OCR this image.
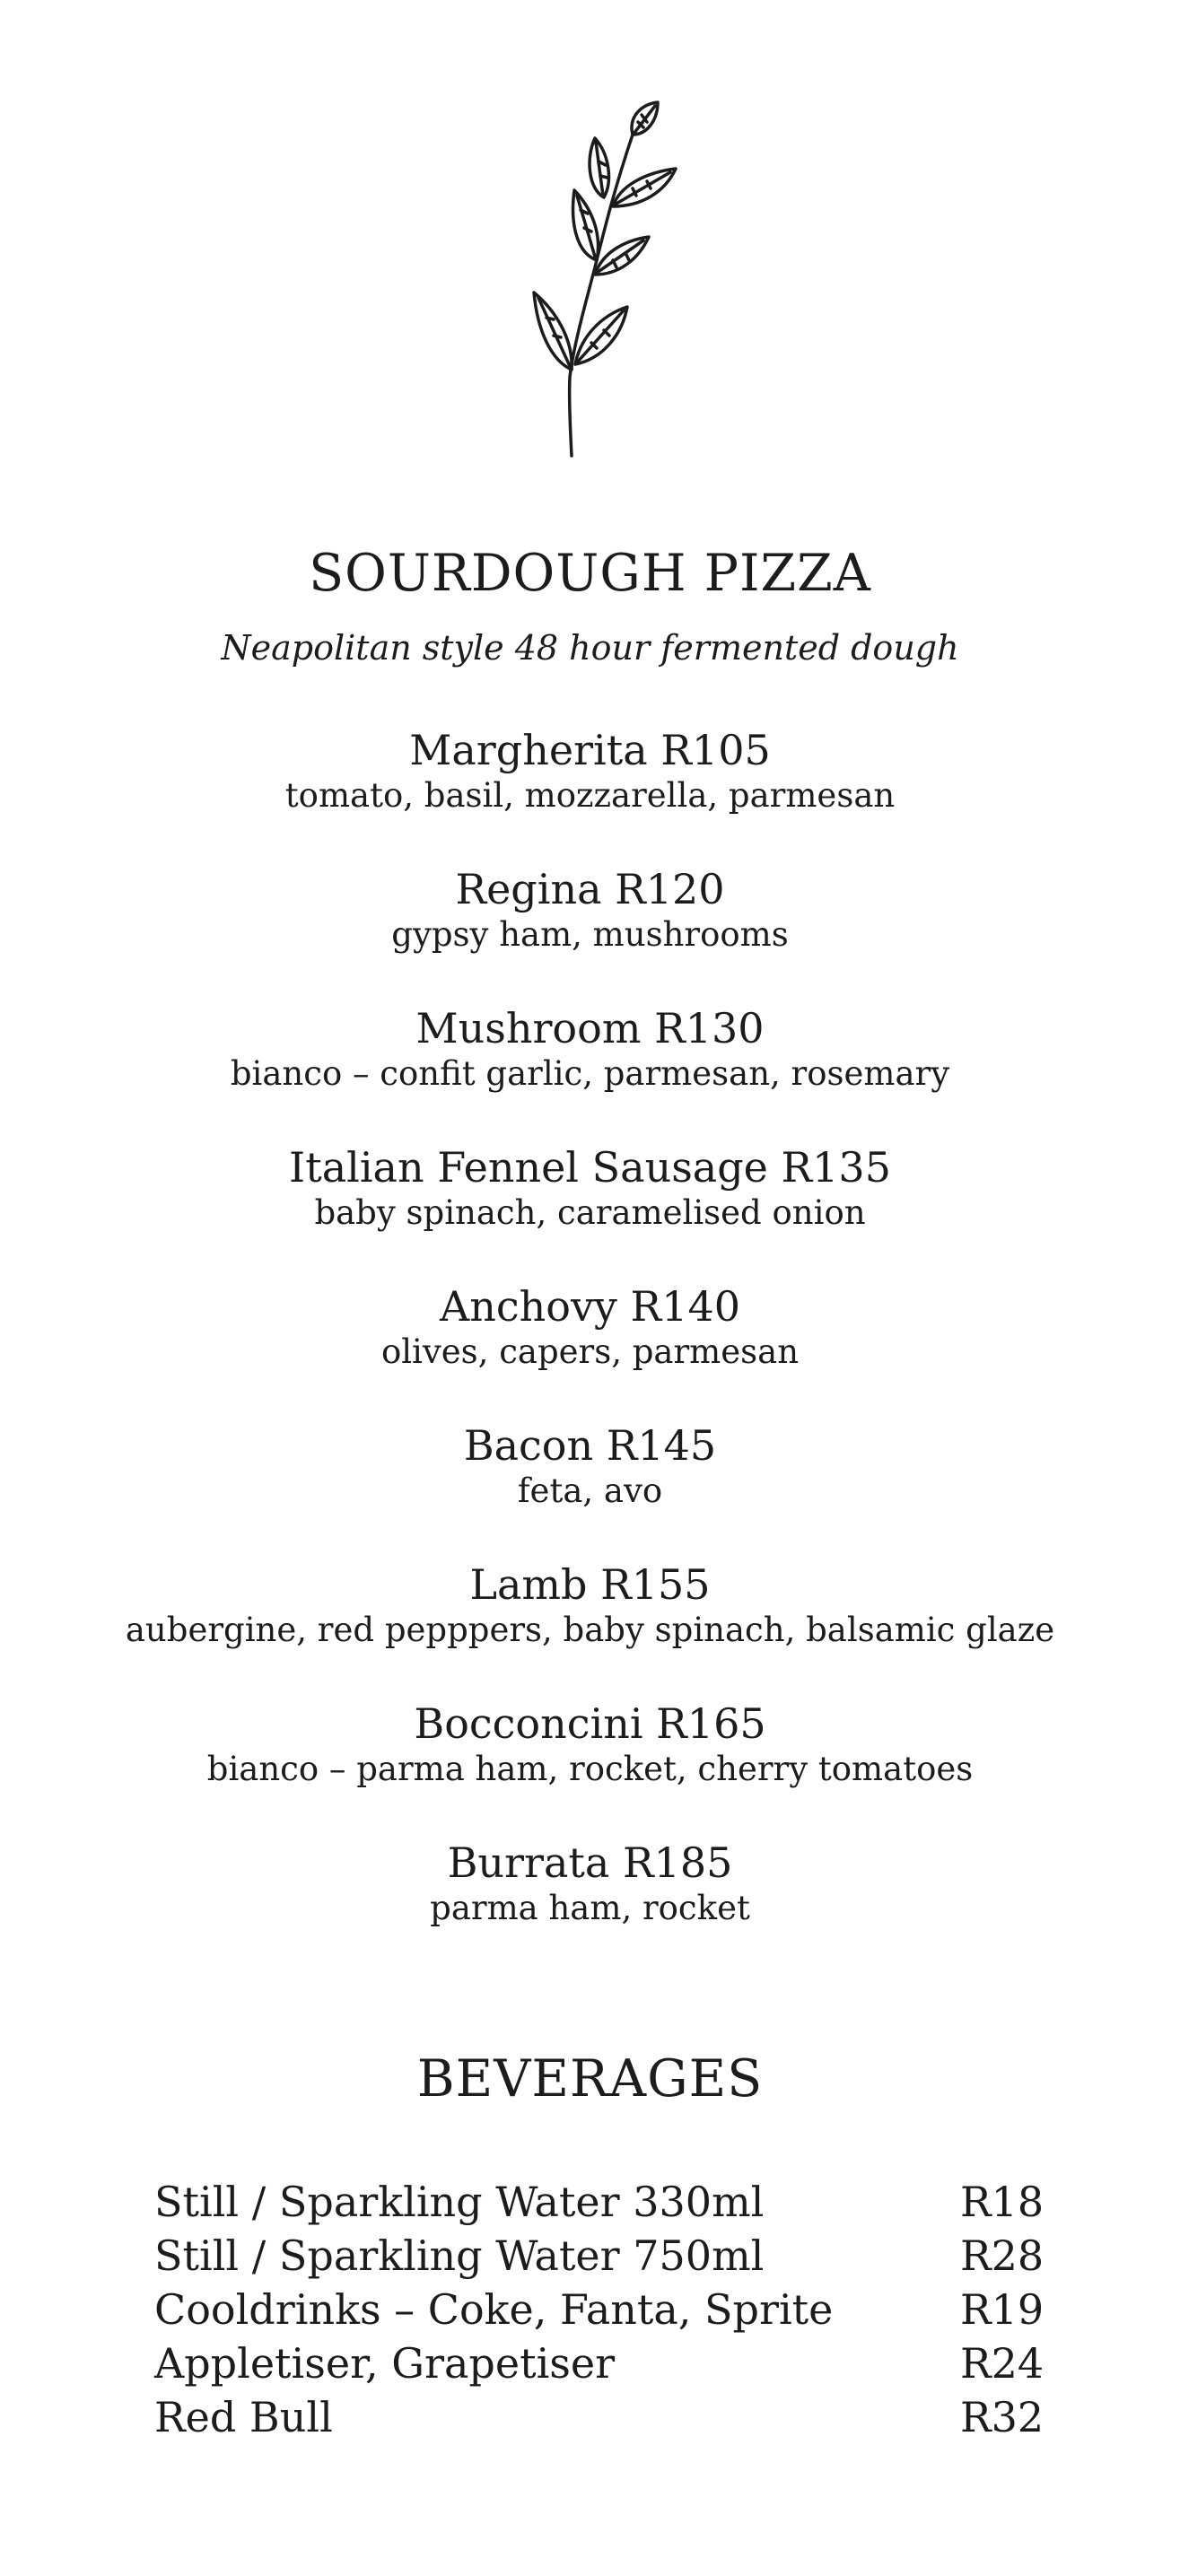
SOURDOUGH PIZZA

Neapolitan style 48 hour fermented dough

Margherita R105
tomato, basil, mozzarella, parmesan
Regina R120
gypsy ham, mushrooms
Mushroom R130
bianco – confit garlic, parmesan, rosemary
Italian Fennel Sausage R135
baby spinach, caramelised onion
Anchovy R140
olives, capers, parmesan
Bacon R145
feta, avo
Lamb R155
aubergine, red pepppers, baby spinach, balsamic glaze
Bocconcini R165
bianco – parma ham, rocket, cherry tomatoes
Burrata R185
parma ham, rocket
BEVERAGES
Still / Sparkling Water 330ml	R18
Still / Sparkling Water 750ml	R28
Cooldrinks – Coke, Fanta, Sprite	R19
Appletiser, Grapetiser	R24
Red Bull	R32
